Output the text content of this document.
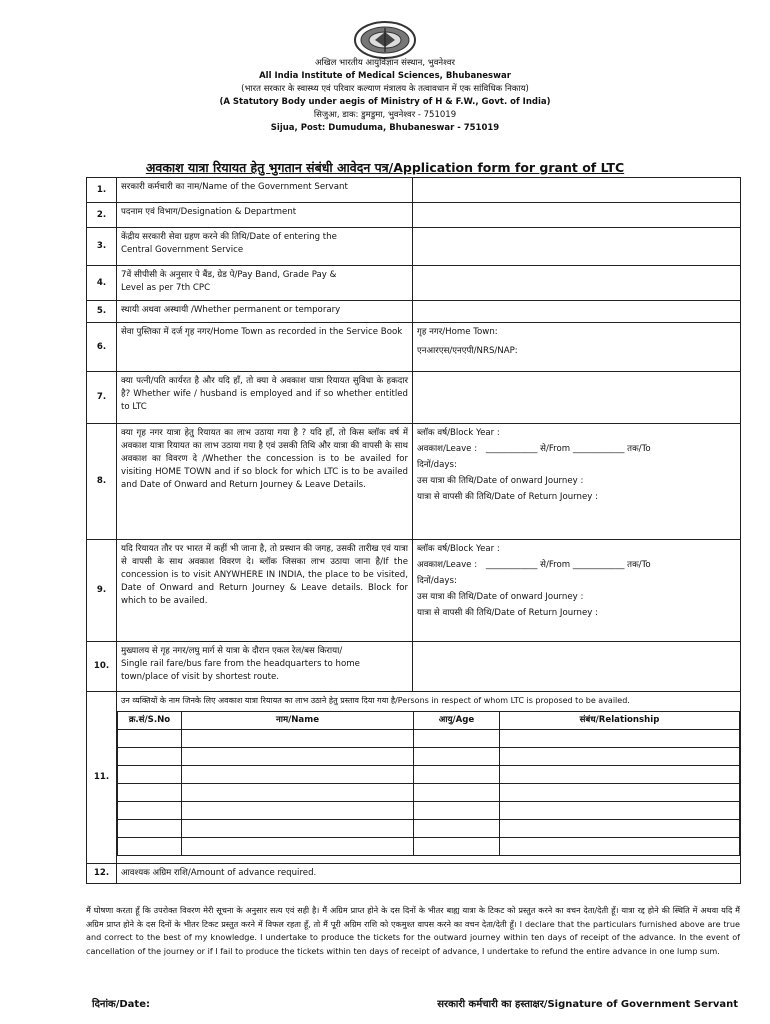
अखिल भारतीय आयुर्विज्ञान संस्थान, भुवनेश्वर
All India Institute of Medical Sciences, Bhubaneswar
(भारत सरकार के स्वास्थ्य एवं परिवार कल्याण मंत्रालय के तत्वावधान में एक सांविधिक निकाय)
(A Statutory Body under aegis of Ministry of H & F.W., Govt. of India)
सिजुआ, डाक: डुमडुमा, भुवनेश्वर - 751019
Sijua, Post: Dumuduma, Bhubaneswar - 751019
अवकाश यात्रा रियायत हेतु भुगतान संबंधी आवेदन पत्र/Application form for grant of LTC
1.	सरकारी कर्मचारी का नाम/Name of the Government Servant	
2.	पदनाम एवं विभाग/Designation & Department	
3.	
केंद्रीय सरकारी सेवा ग्रहण करने की तिथि/Date of entering the
Central Government Service

4.	
7वें सीपीसी के अनुसार पे बैंड, ग्रेड पे/Pay Band, Grade Pay &
Level as per 7th CPC

5.	स्थायी अथवा अस्थायी /Whether permanent or temporary	
6.	सेवा पुस्तिका में दर्ज गृह नगर/Home Town as recorded in the Service Book	गृह नगर/Home Town:
एनआरएस/एनएपी/NRS/NAP:

7.	क्या पत्नी/पति कार्यरत है और यदि हाँ, तो क्या वे अवकाश यात्रा रियायत सुविधा के हकदार है? Whether wife / husband is employed and if so whether entitled to LTC	
8.	क्या गृह नगर यात्रा हेतु रियायत का लाभ उठाया गया है ? यदि हाँ, तो किस ब्लॉक वर्ष में अवकाश यात्रा रियायत का लाभ उठाया गया है एवं उसकी तिथि और यात्रा की वापसी के साथ अवकाश का विवरण दे /Whether the concession is to be availed for visiting HOME TOWN and if so block for which LTC is to be availed and Date of Onward and Return Journey & Leave Details.	
ब्लॉक वर्ष/Block Year :
अवकाश/Leave : ____________ से/From ____________ तक/To
दिनों/days:
उस यात्रा की तिथि/Date of onward Journey :
यात्रा से वापसी की तिथि/Date of Return Journey :

9.	यदि रियायत तौर पर भारत में कहीं भी जाना है, तो प्रस्थान की जगह, उसकी तारीख एवं यात्रा से वापसी के साथ अवकाश विवरण दे। ब्लॉक जिसका लाभ उठाया जाना है/If the concession is to visit ANYWHERE IN INDIA, the place to be visited, Date of Onward and Return Journey & Leave details. Block for which to be availed.	
ब्लॉक वर्ष/Block Year :
अवकाश/Leave : ____________ से/From ____________ तक/To
दिनों/days:
उस यात्रा की तिथि/Date of onward Journey :
यात्रा से वापसी की तिथि/Date of Return Journey :

10.	
मुख्यालय से गृह नगर/लघु मार्ग से यात्रा के दौरान एकल रेल/बस किराया/
Single rail fare/bus fare from the headquarters to home town/place of visit by shortest route.

11.	
उन व्यक्तियों के नाम जिनके लिए अवकाश यात्रा रियायत का लाभ उठाने हेतु प्रस्ताव दिया गया है/Persons in respect of whom LTC is proposed to be availed.
क्र.सं/S.No	नाम/Name	आयु/Age	संबंध/Relationship

12.	आवश्यक अग्रिम राशि/Amount of advance required.
मैं घोषणा करता हूँ कि उपरोक्त विवरण मेरी सूचना के अनुसार सत्य एवं सही है। मैं अग्रिम प्राप्त होने के दस दिनों के भीतर बाह्य यात्रा के टिकट को प्रस्तुत करने का वचन देता/देती हूँ। यात्रा रद्द होने की स्थिति में अथवा यदि मैं अग्रिम प्राप्त होने के दस दिनों के भीतर टिकट प्रस्तुत करने में विफल रहता हूँ, तो मैं पूरी अग्रिम राशि को एकमुश्त वापस करने का वचन देता/देती हूँ। I declare that the particulars furnished above are true and correct to the best of my knowledge. I undertake to produce the tickets for the outward journey within ten days of receipt of the advance. In the event of cancellation of the journey or if I fail to produce the tickets within ten days of receipt of advance, I undertake to refund the entire advance in one lump sum.
दिनांक/Date:	सरकारी कर्मचारी का हस्ताक्षर/Signature of Government Servant
